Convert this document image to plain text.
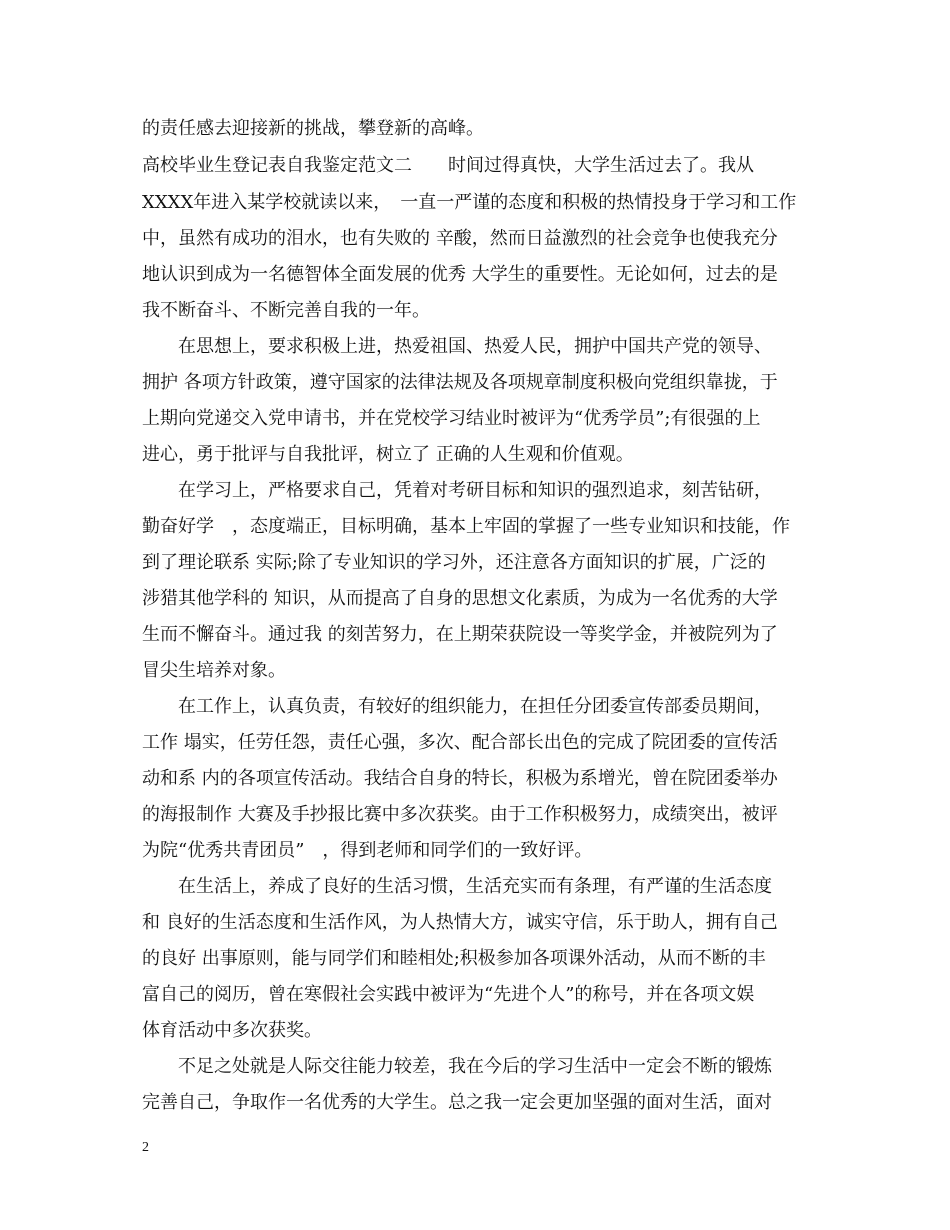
的责任感去迎接新的挑战，攀登新的高峰。
高校毕业生登记表自我鉴定范文二　　时间过得真快，大学生活过去了。我从
XXXX年进入某学校就读以来，　一直一严谨的态度和积极的热情投身于学习和工作
中，虽然有成功的泪水，也有失败的 辛酸，然而日益激烈的社会竞争也使我充分
地认识到成为一名德智体全面发展的优秀 大学生的重要性。无论如何，过去的是
我不断奋斗、不断完善自我的一年。
在思想上，要求积极上进，热爱祖国、热爱人民，拥护中国共产党的领导、
拥护 各项方针政策，遵守国家的法律法规及各项规章制度积极向党组织靠拢，于
上期向党递交入党申请书，并在党校学习结业时被评为“优秀学员”;有很强的上
进心，勇于批评与自我批评，树立了 正确的人生观和价值观。
在学习上，严格要求自己，凭着对考研目标和知识的强烈追求，刻苦钻研，
勤奋好学　，态度端正，目标明确，基本上牢固的掌握了一些专业知识和技能，作
到了理论联系 实际;除了专业知识的学习外，还注意各方面知识的扩展，广泛的
涉猎其他学科的 知识，从而提高了自身的思想文化素质，为成为一名优秀的大学
生而不懈奋斗。通过我 的刻苦努力，在上期荣获院设一等奖学金，并被院列为了
冒尖生培养对象。
在工作上，认真负责，有较好的组织能力，在担任分团委宣传部委员期间，
工作 塌实，任劳任怨，责任心强，多次、配合部长出色的完成了院团委的宣传活
动和系 内的各项宣传活动。我结合自身的特长，积极为系增光，曾在院团委举办
的海报制作 大赛及手抄报比赛中多次获奖。由于工作积极努力，成绩突出，被评
为院“优秀共青团员”　，得到老师和同学们的一致好评。
在生活上，养成了良好的生活习惯，生活充实而有条理，有严谨的生活态度
和 良好的生活态度和生活作风，为人热情大方，诚实守信，乐于助人，拥有自己
的良好 出事原则，能与同学们和睦相处;积极参加各项课外活动，从而不断的丰
富自己的阅历，曾在寒假社会实践中被评为“先进个人”的称号，并在各项文娱
体育活动中多次获奖。
不足之处就是人际交往能力较差，我在今后的学习生活中一定会不断的锻炼
完善自己，争取作一名优秀的大学生。总之我一定会更加坚强的面对生活，面对
2
